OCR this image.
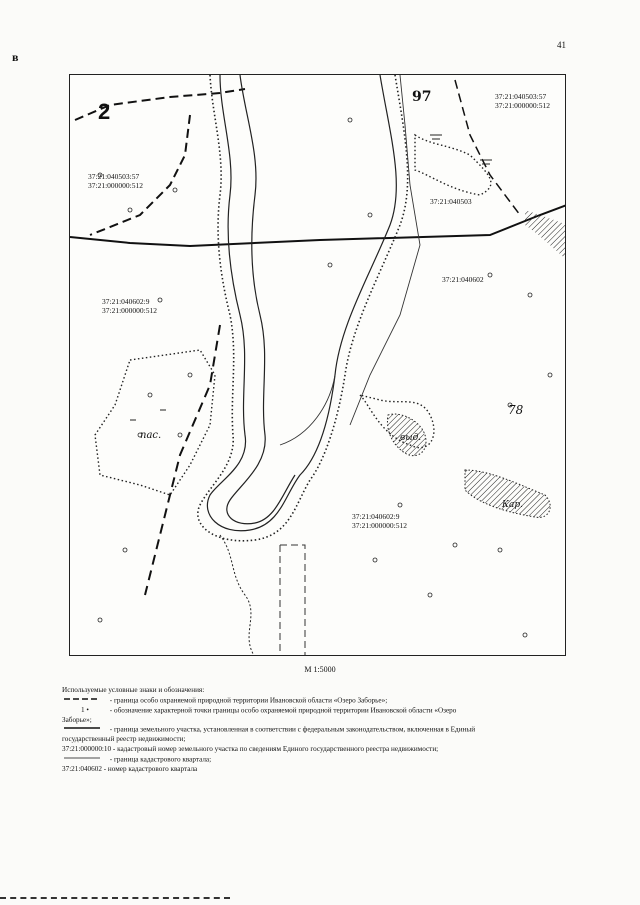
41
в
37:21:040503:57
37:21:000000:512
37:21:040503:57
37:21:000000:512
37:21:040503
37:21:040602
37:21:040602:9
37:21:000000:512
37:21:040602:9
37:21:000000:512
2
97
78
пас.	выд.
Кар.
М 1:5000
Используемые условные знаки и обозначения:
- граница особо охраняемой природной территории Ивановской области «Озеро Заборье»;
1 •	- обозначение характерной точки границы особо охраняемой природной территории Ивановской области «Озеро
Заборье»;
- граница земельного участка, установленная в соответствии с федеральным законодательством, включенная в Единый
государственный реестр недвижимости;
37:21:000000:10 - кадастровый номер земельного участка по сведениям Единого государственного реестра недвижимости;
- граница кадастрового квартала;
37:21:040602 - номер кадастрового квартала
